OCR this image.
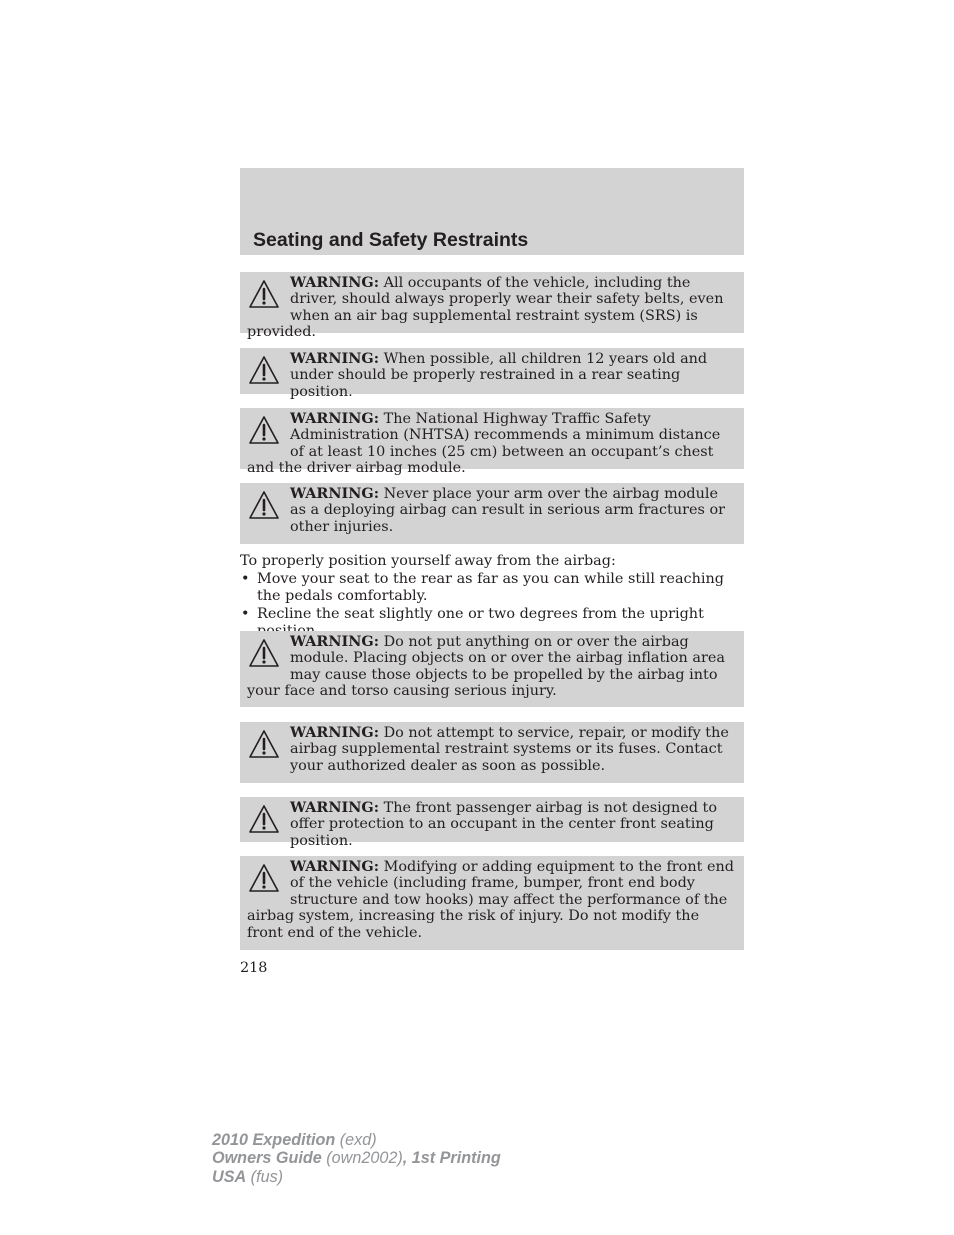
Seating and Safety Restraints
WARNING: All occupants of the vehicle, including the driver, should always properly wear their safety belts, even when an air bag supplemental restraint system (SRS) is provided.
WARNING: When possible, all children 12 years old and under should be properly restrained in a rear seating position.
WARNING: The National Highway Traffic Safety Administration (NHTSA) recommends a minimum distance of at least 10 inches (25 cm) between an occupant’s chest and the driver airbag module.
WARNING: Never place your arm over the airbag module as a deploying airbag can result in serious arm fractures or other injuries.

To properly position yourself away from the airbag:

• Move your seat to the rear as far as you can while still reaching the pedals comfortably.
• Recline the seat slightly one or two degrees from the upright
WARNING: Do not put anything on or over the airbag module. Placing objects on or over the airbag inflation area may cause those objects to be propelled by the airbag into your face and torso causing serious injury.
WARNING: Do not attempt to service, repair, or modify the airbag supplemental restraint systems or its fuses. Contact your authorized dealer as soon as possible.
WARNING: The front passenger airbag is not designed to offer protection to an occupant in the center front seating position.
WARNING: Modifying or adding equipment to the front end of the vehicle (including frame, bumper, front end body structure and tow hooks) may affect the performance of the airbag system, increasing the risk of injury. Do not modify the front end of the vehicle.
218
2010 Expedition (exd)
Owners Guide (own2002), 1st Printing
USA (fus)
